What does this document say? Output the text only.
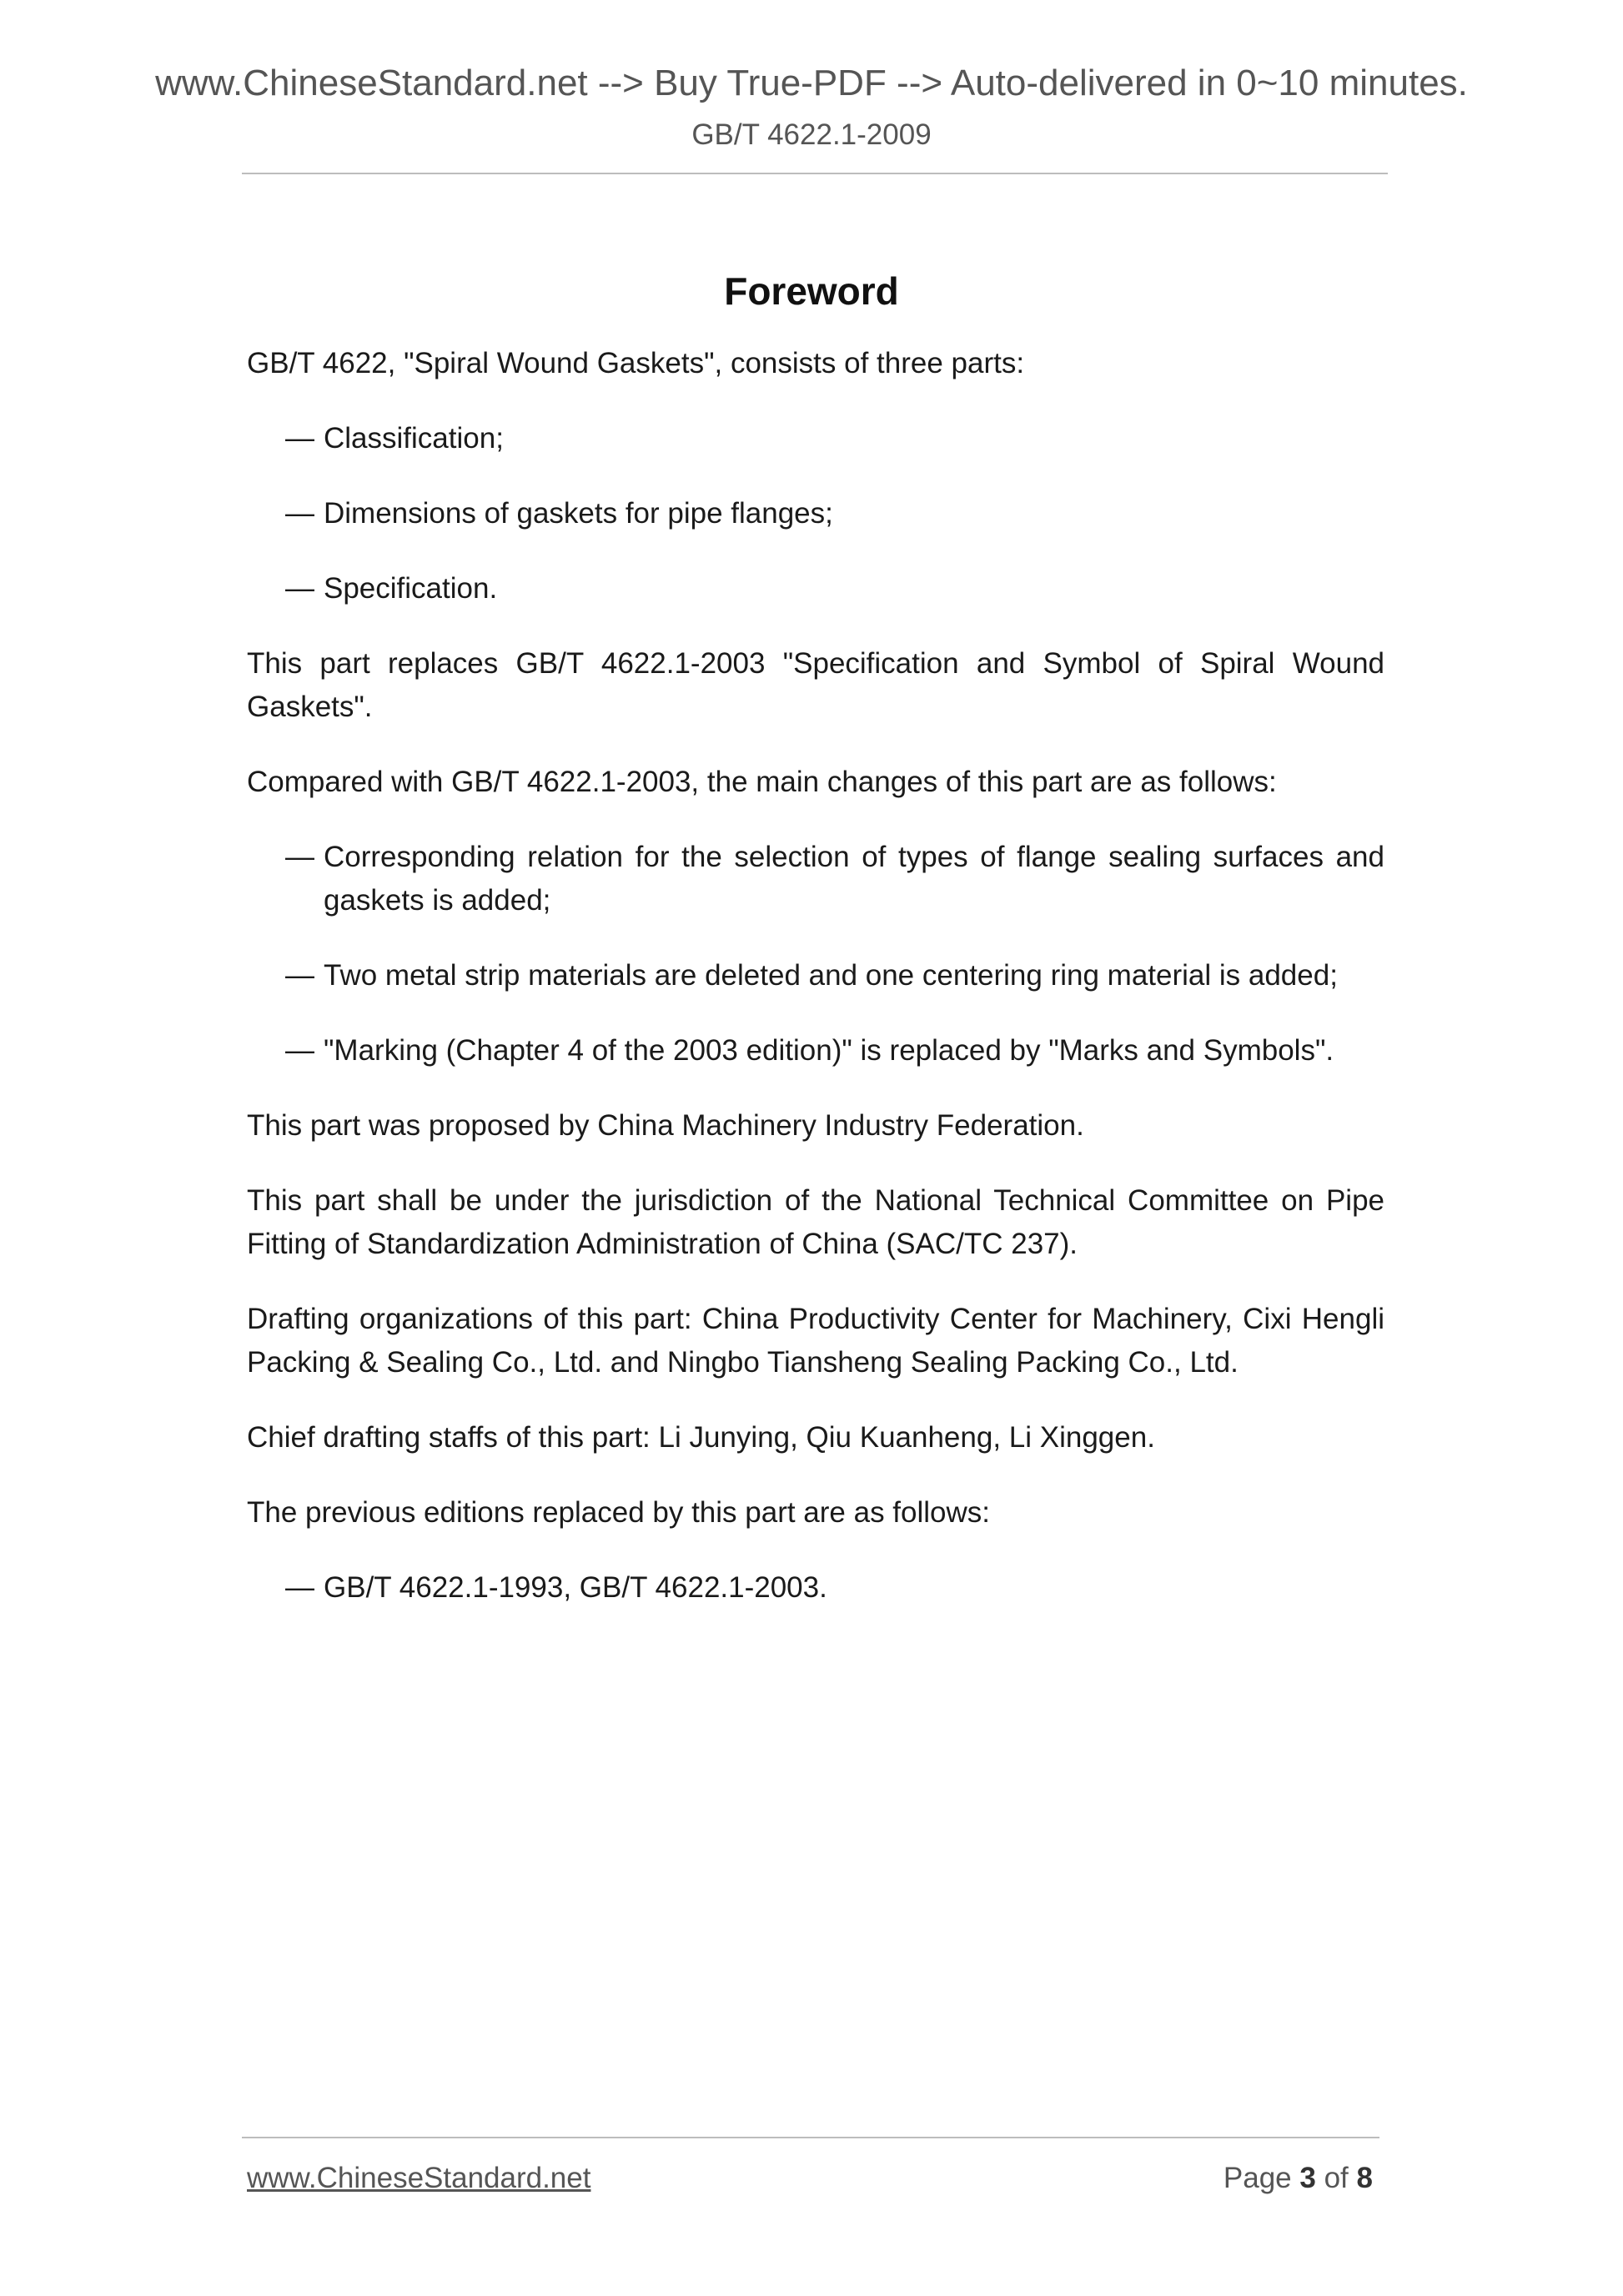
www.ChineseStandard.net --> Buy True-PDF --> Auto-delivered in 0~10 minutes.
GB/T 4622.1-2009
Foreword

GB/T 4622, "Spiral Wound Gaskets", consists of three parts:

— Classification;

— Dimensions of gaskets for pipe flanges;

— Specification.

This part replaces GB/T 4622.1-2003 "Specification and Symbol of Spiral Wound Gaskets".

Compared with GB/T 4622.1-2003, the main changes of this part are as follows:

— Corresponding relation for the selection of types of flange sealing surfaces and gaskets is added;

— Two metal strip materials are deleted and one centering ring material is added;

— "Marking (Chapter 4 of the 2003 edition)" is replaced by "Marks and Symbols".

This part was proposed by China Machinery Industry Federation.

This part shall be under the jurisdiction of the National Technical Committee on Pipe Fitting of Standardization Administration of China (SAC/TC 237).

Drafting organizations of this part: China Productivity Center for Machinery, Cixi Hengli Packing & Sealing Co., Ltd. and Ningbo Tiansheng Sealing Packing Co., Ltd.

Chief drafting staffs of this part: Li Junying, Qiu Kuanheng, Li Xinggen.

The previous editions replaced by this part are as follows:

— GB/T 4622.1-1993, GB/T 4622.1-2003.

www.ChineseStandard.net	Page 3 of 8
